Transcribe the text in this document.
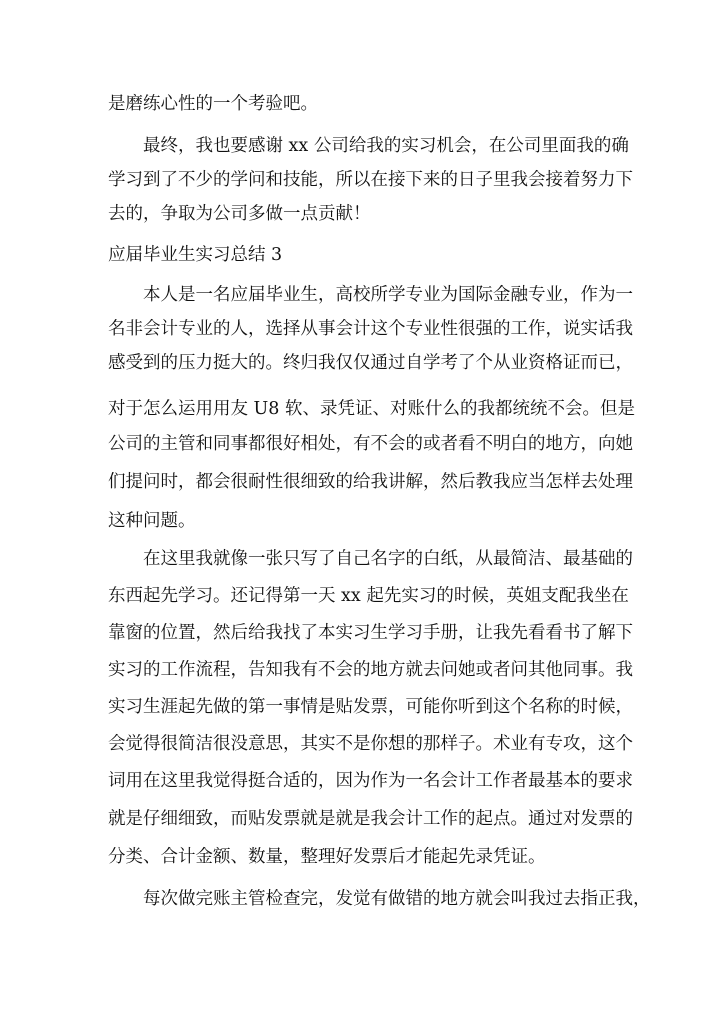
是磨练心性的一个考验吧。
最终，我也要感谢 xx 公司给我的实习机会，在公司里面我的确
学习到了不少的学问和技能，所以在接下来的日子里我会接着努力下
去的，争取为公司多做一点贡献！
应届毕业生实习总结 3
本人是一名应届毕业生，高校所学专业为国际金融专业，作为一
名非会计专业的人，选择从事会计这个专业性很强的工作，说实话我
感受到的压力挺大的。终归我仅仅通过自学考了个从业资格证而已，
对于怎么运用用友 U8 软、录凭证、对账什么的我都统统不会。但是
公司的主管和同事都很好相处，有不会的或者看不明白的地方，向她
们提问时，都会很耐性很细致的给我讲解，然后教我应当怎样去处理
这种问题。
在这里我就像一张只写了自己名字的白纸，从最简洁、最基础的
东西起先学习。还记得第一天 xx 起先实习的时候，英姐支配我坐在
靠窗的位置，然后给我找了本实习生学习手册，让我先看看书了解下
实习的工作流程，告知我有不会的地方就去问她或者问其他同事。我
实习生涯起先做的第一事情是贴发票，可能你听到这个名称的时候，
会觉得很简洁很没意思，其实不是你想的那样子。术业有专攻，这个
词用在这里我觉得挺合适的，因为作为一名会计工作者最基本的要求
就是仔细细致，而贴发票就是就是我会计工作的起点。通过对发票的
分类、合计金额、数量，整理好发票后才能起先录凭证。
每次做完账主管检查完，发觉有做错的地方就会叫我过去指正我，
